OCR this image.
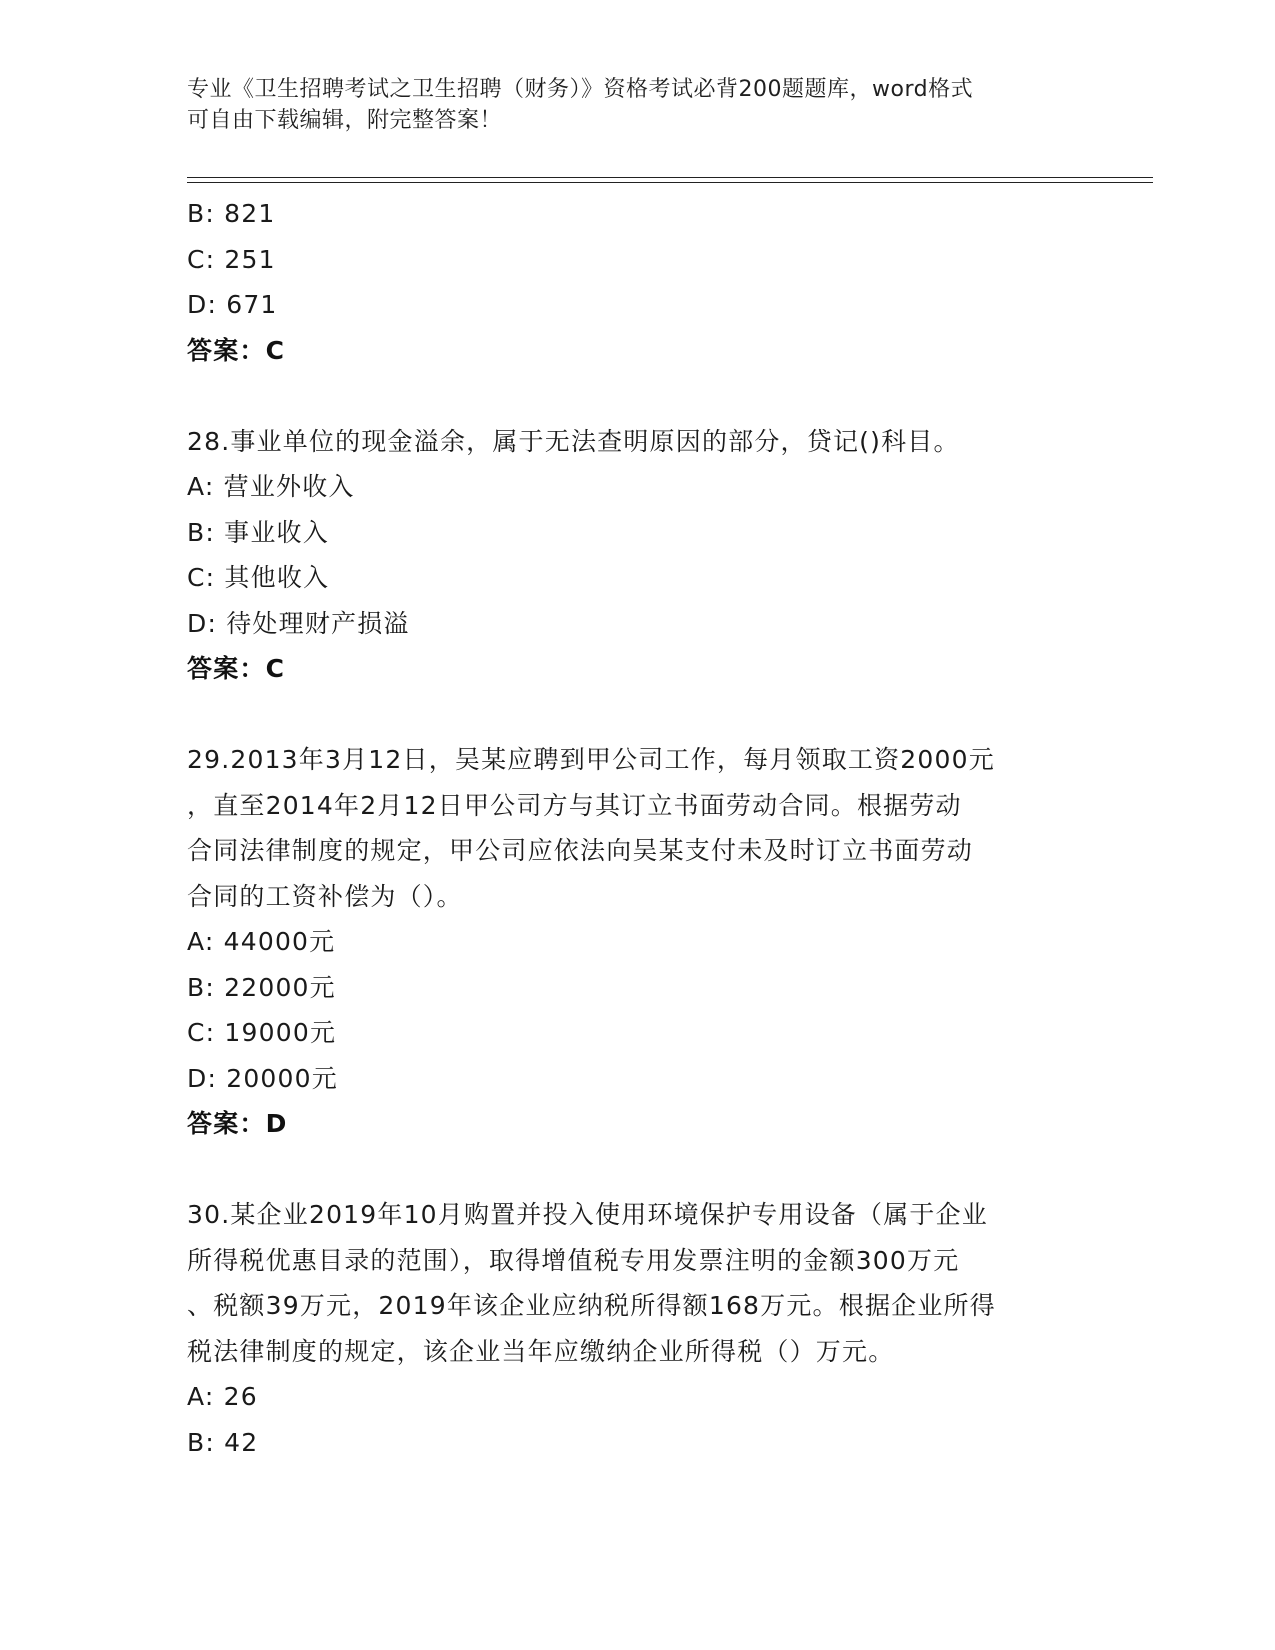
专业《卫生招聘考试之卫生招聘（财务）》资格考试必背200题题库，word格式
可自由下载编辑，附完整答案！
B: 821
C: 251
D: 671
答案：C
28.事业单位的现金溢余，属于无法查明原因的部分，贷记()科目。
A: 营业外收入
B: 事业收入
C: 其他收入
D: 待处理财产损溢
答案：C
29.2013年3月12日，吴某应聘到甲公司工作，每月领取工资2000元
，直至2014年2月12日甲公司方与其订立书面劳动合同。根据劳动
合同法律制度的规定，甲公司应依法向吴某支付未及时订立书面劳动
合同的工资补偿为（）。
A: 44000元
B: 22000元
C: 19000元
D: 20000元
答案：D
30.某企业2019年10月购置并投入使用环境保护专用设备（属于企业
所得税优惠目录的范围），取得增值税专用发票注明的金额300万元
、税额39万元，2019年该企业应纳税所得额168万元。根据企业所得
税法律制度的规定，该企业当年应缴纳企业所得税（）万元。
A: 26
B: 42
